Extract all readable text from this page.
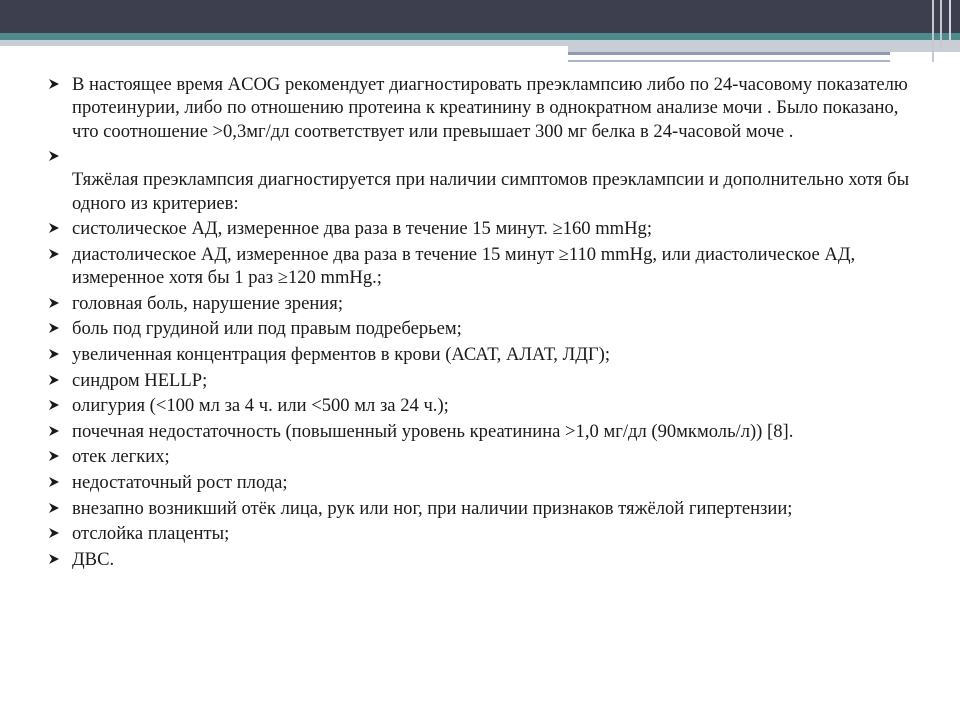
В настоящее время ACOG рекомендует диагностировать преэклампсию либо по 24-часовому показателю протеинурии, либо по отношению протеина к креатинину в однократном анализе мочи . Было показано, что соотношение >0,3мг/дл соответствует или превышает 300 мг белка в 24-часовой моче .
Тяжёлая преэклампсия диагностируется при наличии симптомов преэклампсии и дополнительно хотя бы одного из критериев:
систолическое АД, измеренное два раза в течение 15 минут. ≥160 mmHg;
диастолическое АД, измеренное два раза в течение 15 минут ≥110 mmHg, или диастолическое АД, измеренное хотя бы 1 раз ≥120 mmHg.;
головная боль, нарушение зрения;
боль под грудиной или под правым подреберьем;
увеличенная концентрация ферментов в крови (АСАТ, АЛАТ, ЛДГ);
синдром HELLP;
олигурия (<100 мл за 4 ч. или <500 мл за 24 ч.);
почечная недостаточность (повышенный уровень креатинина >1,0 мг/дл (90мкмоль/л)) [8].
отек легких;
недостаточный рост плода;
внезапно возникший отёк лица, рук или ног, при наличии признаков тяжёлой гипертензии;
отслойка плаценты;
ДВС.
